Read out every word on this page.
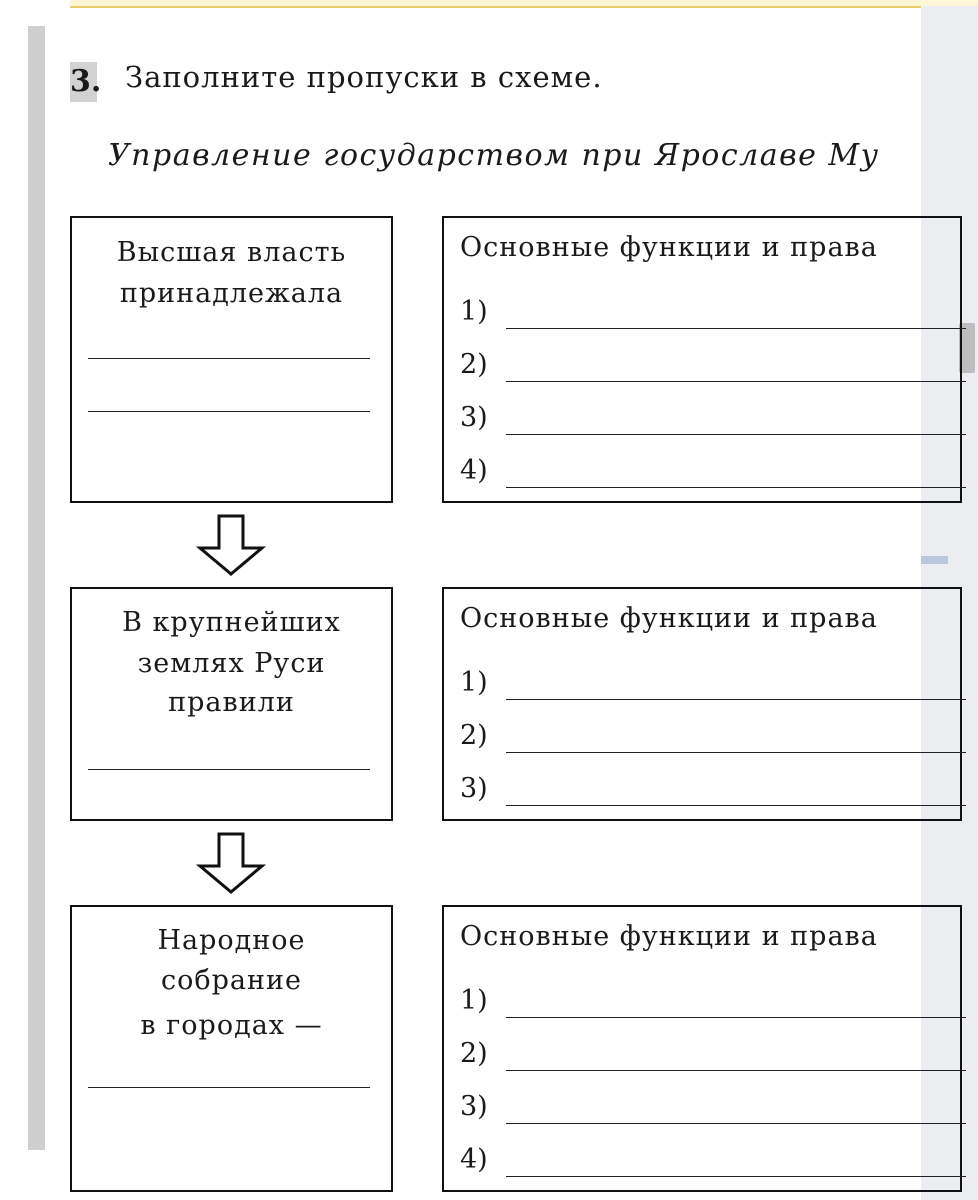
3. Заполните пропуски в схеме.
Управление государством при Ярославе Му
Высшая власть
принадлежала
Основные функции и права
1)
2)
3)
4)
В крупнейших
землях Руси
правили
Основные функции и права
1)
2)
3)
Народное
собрание
в городах —
Основные функции и права
1)
2)
3)
4)
